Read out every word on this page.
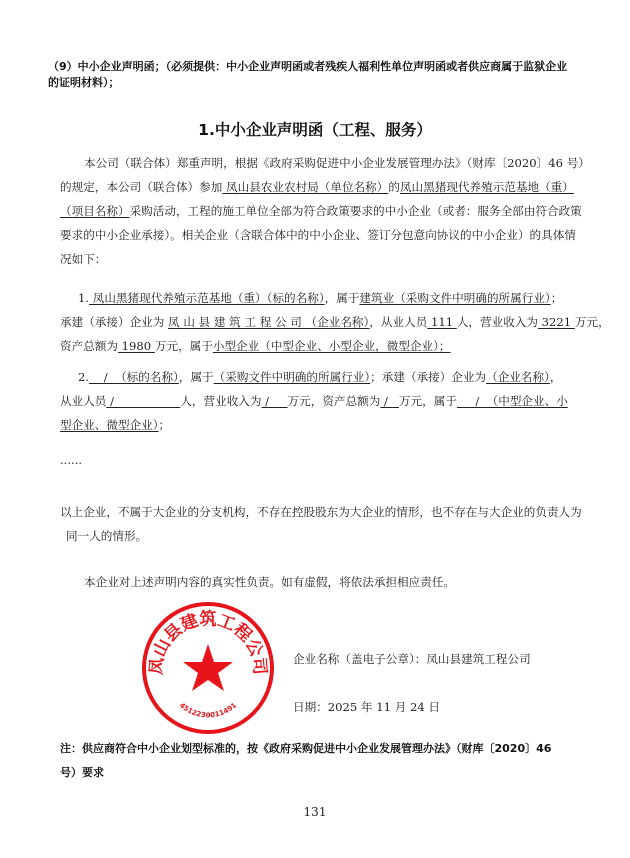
（9）中小企业声明函；（必须提供：中小企业声明函或者残疾人福利性单位声明函或者供应商属于监狱企业
的证明材料）；
1.中小企业声明函（工程、服务）
本公司（联合体）郑重声明，根据《政府采购促进中小企业发展管理办法》（财库〔2020〕46 号）
的规定，本公司（联合体）参加 凤山县农业农村局（单位名称）的凤山黑猪现代养殖示范基地（重）
（项目名称）采购活动，工程的施工单位全部为符合政策要求的中小企业（或者：服务全部由符合政策
要求的中小企业承接）。相关企业（含联合体中的中小企业、签订分包意向协议的中小企业）的具体情
况如下：
1. 凤山黑猪现代养殖示范基地（重）（标的名称），属于建筑业（采购文件中明确的所属行业）；
承建（承接）企业为 凤 山 县 建 筑 工 程 公 司 （企业名称），从业人员 111 人，营业收入为 3221 万元，
资产总额为 1980 万元，属于小型企业（中型企业、小型企业，微型企业）；
2.    /  （标的名称），属于（采购文件中明确的所属行业）；承建（承接）企业为（企业名称），
从业人员 /                  人，营业收入为 /     万元，资产总额为 /   万元，属于     /  （中型企业、小
型企业、微型企业）；
······
以上企业，不属于大企业的分支机构，不存在控股股东为大企业的情形，也不存在与大企业的负责人为
同一人的情形。
本企业对上述声明内容的真实性负责。如有虚假，将依法承担相应责任。
凤山县建筑工程公司
4512230011491
企业名称（盖电子公章）：凤山县建筑工程公司
日期：2025 年 11 月 24 日
注：供应商符合中小企业划型标准的，按《政府采购促进中小企业发展管理办法》（财库〔2020〕46
号）要求
131
